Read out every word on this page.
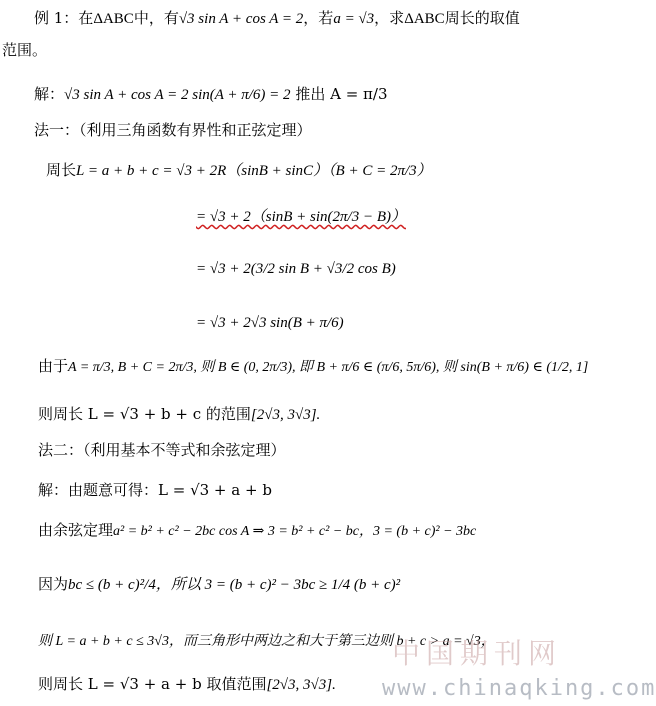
例 1：在ΔABC中，有√3 sin A + cos A = 2，若a = √3，求ΔABC周长的取值
范围。
解：√3 sin A + cos A = 2 sin(A + π/6) = 2 推出 A = π/3
法一：（利用三角函数有界性和正弦定理）
周长L = a + b + c = √3 + 2R（sinB + sinC）（B + C = 2π/3）
= √3 + 2（sinB + sin(2π/3 − B)）
= √3 + 2(3/2 sin B + √3/2 cos B)
= √3 + 2√3 sin(B + π/6)
由于A = π/3, B + C = 2π/3, 则 B ∈ (0, 2π/3), 即 B + π/6 ∈ (π/6, 5π/6), 则 sin(B + π/6) ∈ (1/2, 1]
则周长 L = √3 + b + c 的范围[2√3, 3√3].
法二：（利用基本不等式和余弦定理）
解：由题意可得：L = √3 + a + b
由余弦定理a² = b² + c² − 2bc cos A ⇒ 3 = b² + c² − bc，3 = (b + c)² − 3bc
因为bc ≤ (b + c)²/4，所以 3 = (b + c)² − 3bc ≥ 1/4 (b + c)²
则 L = a + b + c ≤ 3√3，而三角形中两边之和大于第三边则 b + c > a = √3，
则周长 L = √3 + a + b 取值范围[2√3, 3√3].
中国期刊网
www.chinaqking.com
